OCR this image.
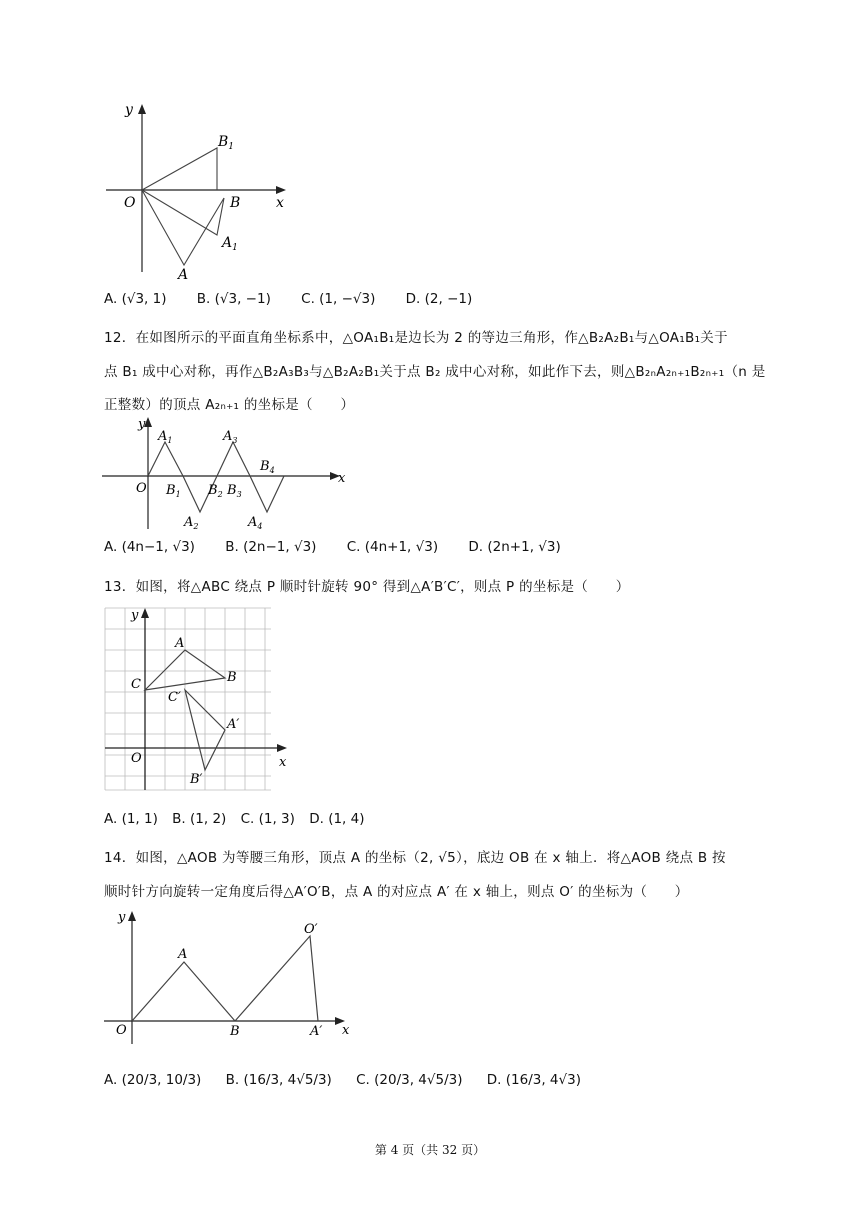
y
x
O	B
$B_1$
A
$A_1$
A. (√3, 1) B. (√3, −1) C. (1, −√3) D. (2, −1)
12．在如图所示的平面直角坐标系中，△OA₁B₁是边长为 2 的等边三角形，作△B₂A₂B₁与△OA₁B₁关于
点 B₁ 成中心对称，再作△B₂A₃B₃与△B₂A₂B₁关于点 B₂ 成中心对称，如此作下去，则△B₂ₙA₂ₙ₊₁B₂ₙ₊₁（n 是
正整数）的顶点 A₂ₙ₊₁ 的坐标是（　　）
y
x
O
$A_1$
$B_1$
$A_2$
$B_2$ $B_3$
$A_3$
$A_4$
$B_4$
A. (4n−1, √3) B. (2n−1, √3) C. (4n+1, √3) D. (2n+1, √3)
13．如图，将△ABC 绕点 P 顺时针旋转 90° 得到△A′B′C′，则点 P 的坐标是（　　）
y
x
O
A
B
C
C′
A′
B′
A. (1, 1) B. (1, 2) C. (1, 3) D. (1, 4)
14．如图，△AOB 为等腰三角形，顶点 A 的坐标（2, √5），底边 OB 在 x 轴上．将△AOB 绕点 B 按
顺时针方向旋转一定角度后得△A′O′B，点 A 的对应点 A′ 在 x 轴上，则点 O′ 的坐标为（　　）
y
x
O
A
B
O′
A′
A. (20/3, 10/3) B. (16/3, 4√5/3) C. (20/3, 4√5/3) D. (16/3, 4√3)
第 4 页（共 32 页）
